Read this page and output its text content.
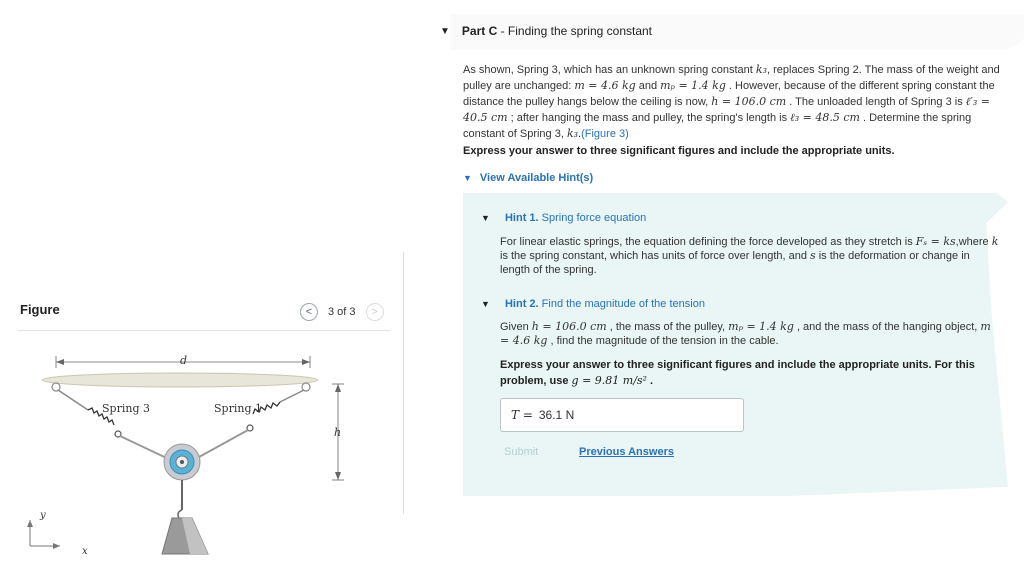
▼ Part C - Finding the spring constant
As shown, Spring 3, which has an unknown spring constant k₃, replaces Spring 2. The mass of the weight and pulley are unchanged: m = 4.6 kg and mₚ = 1.4 kg . However, because of the different spring constant the distance the pulley hangs below the ceiling is now, h = 106.0 cm . The unloaded length of Spring 3 is ℓ′₃ = 40.5 cm ; after hanging the mass and pulley, the spring's length is ℓ₃ = 48.5 cm . Determine the spring constant of Spring 3, k₃.(Figure 3)
Express your answer to three significant figures and include the appropriate units.
▼ View Available Hint(s)
▼ Hint 1. Spring force equation
For linear elastic springs, the equation defining the force developed as they stretch is Fₛ = ks,where k is the spring constant, which has units of force over length, and s is the deformation or change in length of the spring.
▼ Hint 2. Find the magnitude of the tension
Given h = 106.0 cm , the mass of the pulley, mₚ = 1.4 kg , and the mass of the hanging object, m = 4.6 kg , find the magnitude of the tension in the cable.
Express your answer to three significant figures and include the appropriate units. For this problem, use g = 9.81 m/s² .
T = 36.1 N
Submit	Previous Answers
Figure	< 3 of 3 >
d
h
Spring 3	Spring 1
y
x
